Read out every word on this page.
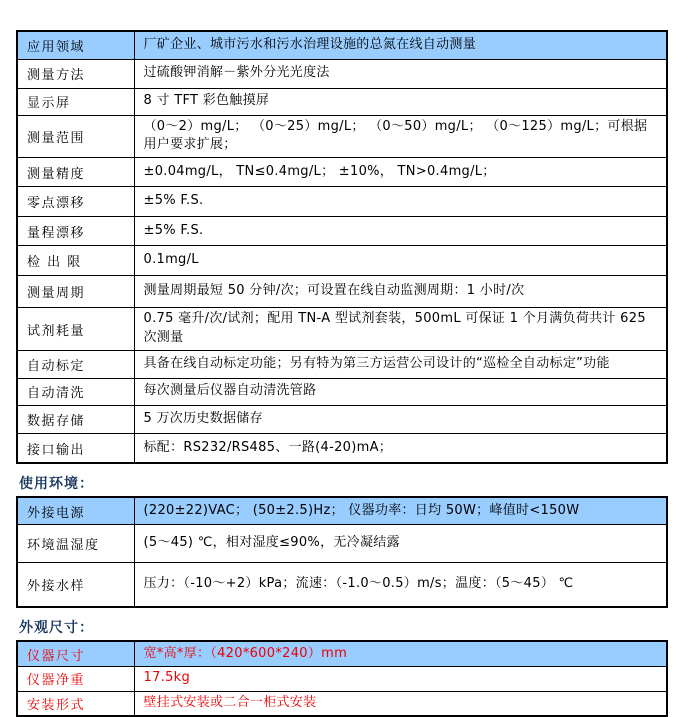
应用领域	厂矿企业、城市污水和污水治理设施的总氮在线自动测量
测量方法	过硫酸钾消解－紫外分光光度法
显示屏	8 寸 TFT 彩色触摸屏
测量范围	（0～2）mg/L； （0～25）mg/L； （0～50）mg/L； （0～125）mg/L；可根据用户要求扩展；
测量精度	±0.04mg/L， TN≤0.4mg/L； ±10%， TN>0.4mg/L；
零点漂移	±5% F.S.
量程漂移	±5% F.S.
检 出 限	0.1mg/L
测量周期	测量周期最短 50 分钟/次；可设置在线自动监测周期：1 小时/次
试剂耗量	0.75 毫升/次/试剂；配用 TN-A 型试剂套装，500mL 可保证 1 个月满负荷共计 625 次测量
自动标定	具备在线自动标定功能；另有特为第三方运营公司设计的“巡检全自动标定”功能
自动清洗	每次测量后仪器自动清洗管路
数据存储	5 万次历史数据储存
接口输出	标配：RS232/RS485、一路(4-20)mA；
使用环境：
外接电源	(220±22)VAC； (50±2.5)Hz； 仪器功率：日均 50W；峰值时<150W
环境温湿度	(5～45) ℃，相对湿度≤90%，无冷凝结露
外接水样	压力：（-10～+2）kPa；流速：（-1.0～0.5）m/s；温度：（5～45） ℃
外观尺寸：
仪器尺寸	宽*高*厚：（420*600*240）mm
仪器净重	17.5kg
安装形式	壁挂式安装或二合一柜式安装
